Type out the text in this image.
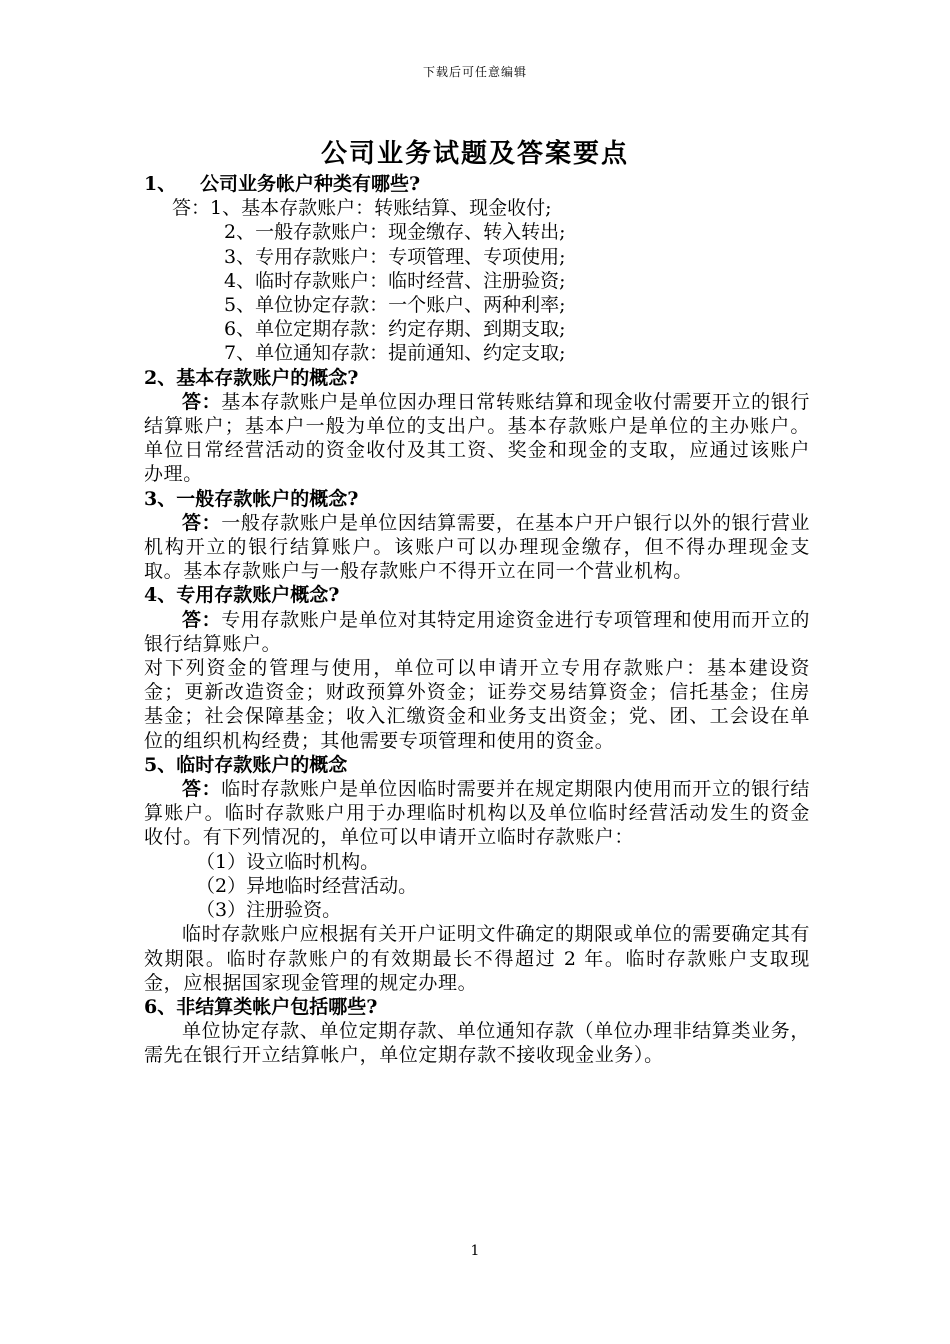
下载后可任意编辑
公司业务试题及答案要点

1、 公司业务帐户种类有哪些?

答：1、基本存款账户：转账结算、现金收付;

2、一般存款账户：现金缴存、转入转出;

3、专用存款账户：专项管理、专项使用;

4、临时存款账户：临时经营、注册验资;

5、单位协定存款：一个账户、两种利率;

6、单位定期存款：约定存期、到期支取;

7、单位通知存款：提前通知、约定支取;

2、基本存款账户的概念?

答：基本存款账户是单位因办理日常转账结算和现金收付需要开立的银行结算账户；基本户一般为单位的支出户。基本存款账户是单位的主办账户。单位日常经营活动的资金收付及其工资、奖金和现金的支取，应通过该账户办理。

3、一般存款帐户的概念?

答：一般存款账户是单位因结算需要，在基本户开户银行以外的银行营业机构开立的银行结算账户。该账户可以办理现金缴存，但不得办理现金支取。基本存款账户与一般存款账户不得开立在同一个营业机构。

4、专用存款账户概念?

答：专用存款账户是单位对其特定用途资金进行专项管理和使用而开立的银行结算账户。

对下列资金的管理与使用，单位可以申请开立专用存款账户：基本建设资金；更新改造资金；财政预算外资金；证券交易结算资金；信托基金；住房基金；社会保障基金；收入汇缴资金和业务支出资金；党、团、工会设在单位的组织机构经费；其他需要专项管理和使用的资金。

5、临时存款账户的概念

答：临时存款账户是单位因临时需要并在规定期限内使用而开立的银行结算账户。临时存款账户用于办理临时机构以及单位临时经营活动发生的资金收付。有下列情况的，单位可以申请开立临时存款账户：

（1）设立临时机构。

（2）异地临时经营活动。

（3）注册验资。

临时存款账户应根据有关开户证明文件确定的期限或单位的需要确定其有效期限。临时存款账户的有效期最长不得超过 2 年。临时存款账户支取现金，应根据国家现金管理的规定办理。

6、非结算类帐户包括哪些?

单位协定存款、单位定期存款、单位通知存款（单位办理非结算类业务，需先在银行开立结算帐户，单位定期存款不接收现金业务）。

1
